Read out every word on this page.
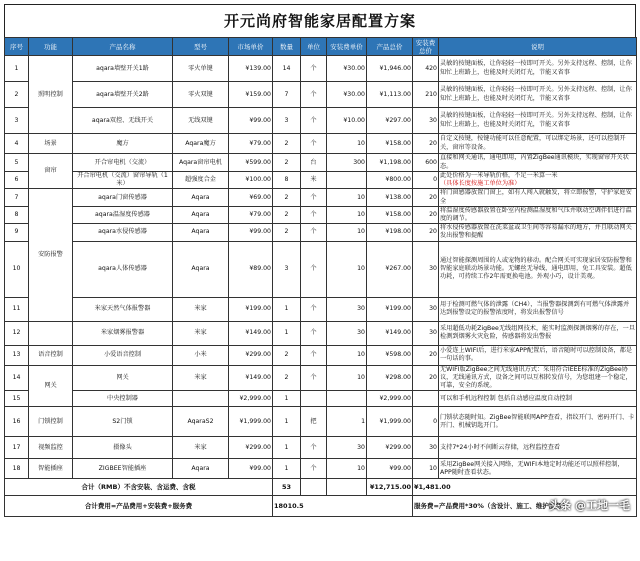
开元尚府智能家居配置方案
序号	功能	产品名称	型号	市场单价	数量	单位	安装费单价	产品总价	安装费总价	说明
1	照明控制	aqara墙壁开关1路	零火单键	¥139.00	14	个	¥30.00	¥1,946.00	420	灵敏的按键面板，让你轻轻一按即可开关。另外支持远程、控制，让你知忙上班路上，也能及时关闭灯光，节能又省事
2		aqara墙壁开关2路	零火双键	¥159.00	7	个	¥30.00	¥1,113.00	210	灵敏的按键面板，让你轻轻一按即可开关。另外支持远程、控制，让你知忙上班路上，也能及时关闭灯光，节能又省事
3		aqara双控、无线开关	无线双键	¥99.00	3	个	¥10.00	¥297.00	30	灵敏的按键面板，让你轻轻一按即可开关。另外支持远程、控制，让你知忙上班路上，也能及时关闭灯光，节能又省事
4	场景	魔方	Aqara魔方	¥79.00	2	个	10	¥158.00	20	自定义按键，按键功能可以任意配置，可以绑定场景，还可以控制开关，窗帘等设备。
5	窗帘	开合帘电机（交流）	Aqara窗帘电机	¥599.00	2	台	300	¥1,198.00	600	直接和网关通讯，通电即用，内置ZigBee通讯模块，实现窗帘开关状态。
6		开合帘电机（交流）窗帘导轨（1米）	超强度合金	¥100.00	8	米		¥800.00	0	此处价格为一米导轨价格，不足一米算一米（具体长度按施工单位为准）
7	安防报警	aqara门窗传感器	Aqara	¥69.00	2	个	10	¥138.00	20	将门窗感器放置门窗上，如有人闯入就触发，将立即报警，守护家庭安全
8		aqara温湿度传感器	Aqara	¥79.00	2	个	10	¥158.00	20	将温湿度传感器放置在卧室内检测温湿度和气压并联动空调伴侣进行温度的调节。
9		aqara水侵传感器	Aqara	¥99.00	2	个	10	¥198.00	20	将水侵传感器放置在洗菜盆或卫生间等容易漏水的地方，并且联动网关发出报警和提醒
10		aqara人体传感器	Aqara	¥89.00	3	个	10	¥267.00	30	通过智能探测周围的人或宠物的移动。配合网关可实现家居安防报警和智能家庭联动场景功能。无螺丝无导线，通电即用，免工具安装。超低功耗，可持续工作2年需更换电池。外观小巧，设计美观。
11		米家天然气体报警器	米家	¥199.00	1	个	30	¥199.00	30	用于检测可燃气体的泄露（CH4），当报警器探测到有可燃气体泄露并达到报警设定的报警浓度时，将发出报警信号
12		米家烟雾报警器	米家	¥149.00	1	个	30	¥149.00	30	采用超低功耗ZigBee无线组网技术，能实时监测探测烟雾的存在，一旦检测到烟雾火灾危险，传感器将发出警报
13	语音控制	小爱语音控制	小米	¥299.00	2	个	10	¥598.00	20	小爱连上WIFI后，进行米家APP配置后，语音随时可以控制设备，都是一句话的事。
14	网关	网关	米家	¥149.00	2	个	10	¥298.00	20	无WIFI版ZigBee之间无线通讯方式：采用符合IEEE标准的ZigBee协议，无线通讯方式，设备之间可以互相转发信号，为您组建一个稳定，可靠，安全的系统。
15		中央控制器		¥2,999.00	1			¥2,999.00		可以和手机远程控制 包括自动感应温度自动控制
16	门锁控制	S2门锁	AqaraS2	¥1,999.00	1	把	1	¥1,999.00	0	门锁状态随时知。ZigBee智能联网APP查看，指纹开门、密码开门、卡开门、机械钥匙开门。
17	视频监控	摄像头	米家	¥299.00	1	个	30	¥299.00	30	支持7*24小时不间断云存储，远程监控查看
18	智能插座	ZIGBEE智能插座	Aqara	¥99.00	1	个	10	¥99.00	10	采用ZigBee网关接入网络，无WIFI本地定时功能还可以照样控制，APP随时查看状态。
合计（RMB）不含安装、含运费、含税					53			¥12,715.00	¥1,481.00	
合计费用=产品费用+安装费+服务费					18010.5				服务费=产品费用*30%（含设计、施工、维护服务）	
头条 @工地一毛
